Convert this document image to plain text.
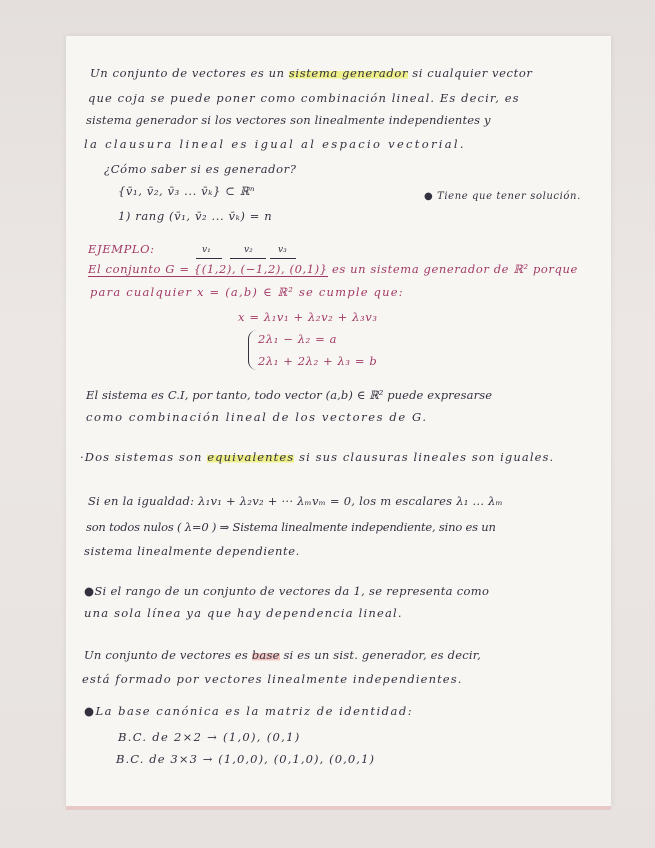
Un conjunto de vectores es un sistema generador si cualquier vector
que coja se puede poner como combinación lineal. Es decir, es
sistema generador si los vectores son linealmente independientes y
la clausura lineal es igual al espacio vectorial.
¿Cómo saber si es generador?
{v̄₁, v̄₂, v̄₃ ... v̄ₖ} ⊂ ℝⁿ	● Tiene que tener solución.
1) rang (v̄₁, v̄₂ ... v̄ₖ) = n
v₁	v₂	v₃
EJEMPLO:
El conjunto G = {(1,2), (−1,2), (0,1)} es un sistema generador de ℝ² porque
para cualquier x = (a,b) ∈ ℝ² se cumple que:
x = λ₁v₁ + λ₂v₂ + λ₃v₃
2λ₁ − λ₂ = a
2λ₁ + 2λ₂ + λ₃ = b
El sistema es C.I, por tanto, todo vector (a,b) ∈ ℝ² puede expresarse
como combinación lineal de los vectores de G.
·Dos sistemas son equivalentes si sus clausuras lineales son iguales.
Si en la igualdad: λ₁v₁ + λ₂v₂ + ··· λₘvₘ = 0, los m escalares λ₁ ... λₘ
son todos nulos ( λ=0 ) ⇒ Sistema linealmente independiente, sino es un
sistema linealmente dependiente.
●Si el rango de un conjunto de vectores da 1, se representa como
una sola línea ya que hay dependencia lineal.
Un conjunto de vectores es base si es un sist. generador, es decir,
está formado por vectores linealmente independientes.
●La base canónica es la matriz de identidad:
B.C. de 2×2 → (1,0), (0,1)
B.C. de 3×3 → (1,0,0), (0,1,0), (0,0,1)
